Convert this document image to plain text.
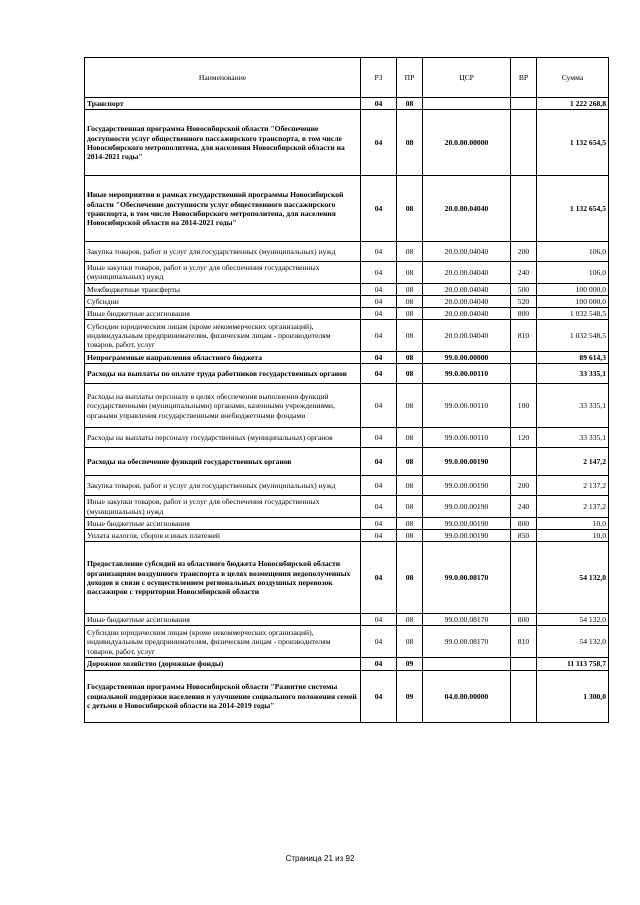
Наименование	РЗ	ПР	ЦСР	ВР	Сумма
Транспорт	04	08			1 222 268,8
Государственная программа Новосибирской области "Обеспечение доступности услуг общественного пассажирского транспорта, в том числе Новосибирского метрополитена, для населения Новосибирской области на 2014-2021 годы"	04	08	20.0.00.00000		1 132 654,5
Иные мероприятия в рамках государственной программы Новосибирской области "Обеспечение доступности услуг общественного пассажирского транспорта, в том числе Новосибирского метрополитена, для населения Новосибирской области на 2014-2021 годы"	04	08	20.0.00.04040		1 132 654,5
Закупка товаров, работ и услуг для государственных (муниципальных) нужд	04	08	20.0.00.04040	200	106,0
Иные закупки товаров, работ и услуг для обеспечения государственных (муниципальных) нужд	04	08	20.0.00.04040	240	106,0
Межбюджетные трансферты	04	08	20.0.00.04040	500	100 000,0
Субсидии	04	08	20.0.00.04040	520	100 000,0
Иные бюджетные ассигнования	04	08	20.0.00.04040	800	1 032 548,5
Субсидии юридическим лицам (кроме некоммерческих организаций), индивидуальным предпринимателям, физическим лицам - производителям товаров, работ, услуг	04	08	20.0.00.04040	810	1 032 548,5
Непрограммные направления областного бюджета	04	08	99.0.00.00000		89 614,3
Расходы на выплаты по оплате труда работников государственных органов	04	08	99.0.00.00110		33 335,1
Расходы на выплаты персоналу в целях обеспечения выполнения функций государственными (муниципальными) органами, казенными учреждениями, органами управления государственными внебюджетными фондами	04	08	99.0.00.00110	100	33 335,1
Расходы на выплаты персоналу государственных (муниципальных) органов	04	08	99.0.00.00110	120	33 335,1
Расходы на обеспечение функций государственных органов	04	08	99.0.00.00190		2 147,2
Закупка товаров, работ и услуг для государственных (муниципальных) нужд	04	08	99.0.00.00190	200	2 137,2
Иные закупки товаров, работ и услуг для обеспечения государственных (муниципальных) нужд	04	08	99.0.00.00190	240	2 137,2
Иные бюджетные ассигнования	04	08	99.0.00.00190	800	10,0
Уплата налогов, сборов и иных платежей	04	08	99.0.00.00190	850	10,0
Предоставление субсидий из областного бюджета Новосибирской области организациям воздушного транспорта в целях возмещения недополученных доходов в связи с осуществлением региональных воздушных перевозок пассажиров с территории Новосибирской области	04	08	99.0.00.08170		54 132,0
Иные бюджетные ассигнования	04	08	99.0.00.08170	800	54 132,0
Субсидии юридическим лицам (кроме некоммерческих организаций), индивидуальным предпринимателям, физическим лицам - производителям товаров, работ, услуг	04	08	99.0.00.08170	810	54 132,0
Дорожное хозяйство (дорожные фонды)	04	09			11 113 758,7
Государственная программа Новосибирской области "Развитие системы социальной поддержки населения и улучшение социального положения семей с детьми в Новосибирской области на 2014-2019 годы"	04	09	04.0.00.00000		1 300,0
Страница 21 из 92
